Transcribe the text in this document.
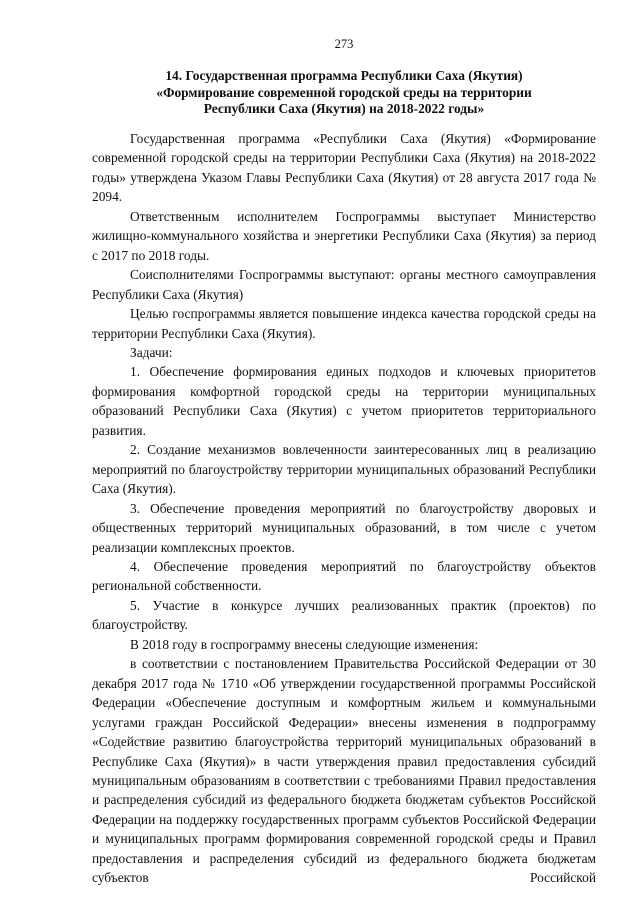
273
14. Государственная программа Республики Саха (Якутия)
«Формирование современной городской среды на территории
Республики Саха (Якутия) на 2018-2022 годы»

Государственная программа «Республики Саха (Якутия) «Формирование современной городской среды на территории Республики Саха (Якутия) на 2018-2022 годы» утверждена Указом Главы Республики Саха (Якутия) от 28 августа 2017 года № 2094.

Ответственным исполнителем Госпрограммы выступает Министерство жилищно-коммунального хозяйства и энергетики Республики Саха (Якутия) за период с 2017 по 2018 годы.

Соисполнителями Госпрограммы выступают: органы местного самоуправления Республики Саха (Якутия)

Целью госпрограммы является повышение индекса качества городской среды на территории Республики Саха (Якутия).

Задачи:

1. Обеспечение формирования единых подходов и ключевых приоритетов формирования комфортной городской среды на территории муниципальных образований Республики Саха (Якутия) с учетом приоритетов территориального развития.

2. Создание механизмов вовлеченности заинтересованных лиц в реализацию мероприятий по благоустройству территории муниципальных образований Республики Саха (Якутия).

3. Обеспечение проведения мероприятий по благоустройству дворовых и общественных территорий муниципальных образований, в том числе с учетом реализации комплексных проектов.

4. Обеспечение проведения мероприятий по благоустройству объектов региональной собственности.

5. Участие в конкурсе лучших реализованных практик (проектов) по благоустройству.

В 2018 году в госпрограмму внесены следующие изменения:

в соответствии с постановлением Правительства Российской Федерации от 30 декабря 2017 года № 1710 «Об утверждении государственной программы Российской Федерации «Обеспечение доступным и комфортным жильем и коммунальными услугами граждан Российской Федерации» внесены изменения в подпрограмму «Содействие развитию благоустройства территорий муниципальных образований в Республике Саха (Якутия)» в части утверждения правил предоставления субсидий муниципальным образованиям в соответствии с требованиями Правил предоставления и распределения субсидий из федерального бюджета бюджетам субъектов Российской Федерации на поддержку государственных программ субъектов Российской Федерации и муниципальных программ формирования современной городской среды и Правил предоставления и распределения субсидий из федерального бюджета бюджетам субъектов Российской
